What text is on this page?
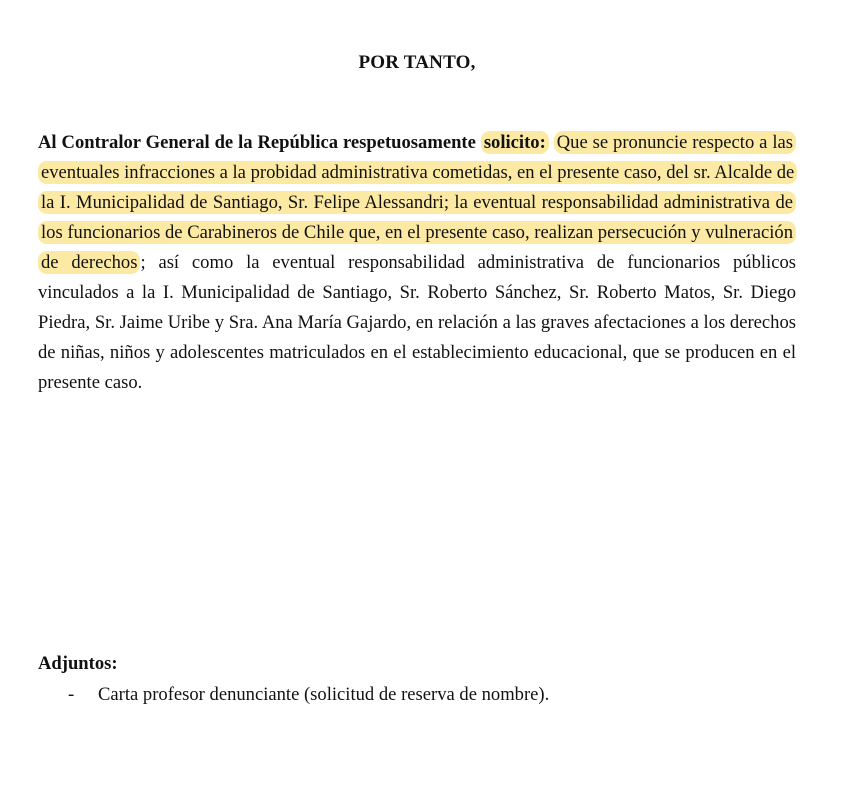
POR TANTO,

Al Contralor General de la República respetuosamente solicito: Que se pronuncie respecto a las eventuales infracciones a la probidad administrativa cometidas, en el presente caso, del sr. Alcalde de la I. Municipalidad de Santiago, Sr. Felipe Alessandri; la eventual responsabilidad administrativa de los funcionarios de Carabineros de Chile que, en el presente caso, realizan persecución y vulneración de derechos ; así como la eventual responsabilidad administrativa de funcionarios públicos vinculados a la I. Municipalidad de Santiago, Sr. Roberto Sánchez, Sr. Roberto Matos, Sr. Diego Piedra, Sr. Jaime Uribe y Sra. Ana María Gajardo, en relación a las graves afectaciones a los derechos de niñas, niños y adolescentes matriculados en el establecimiento educacional, que se producen en el presente caso.

Adjuntos:
-	Carta profesor denunciante (solicitud de reserva de nombre).
